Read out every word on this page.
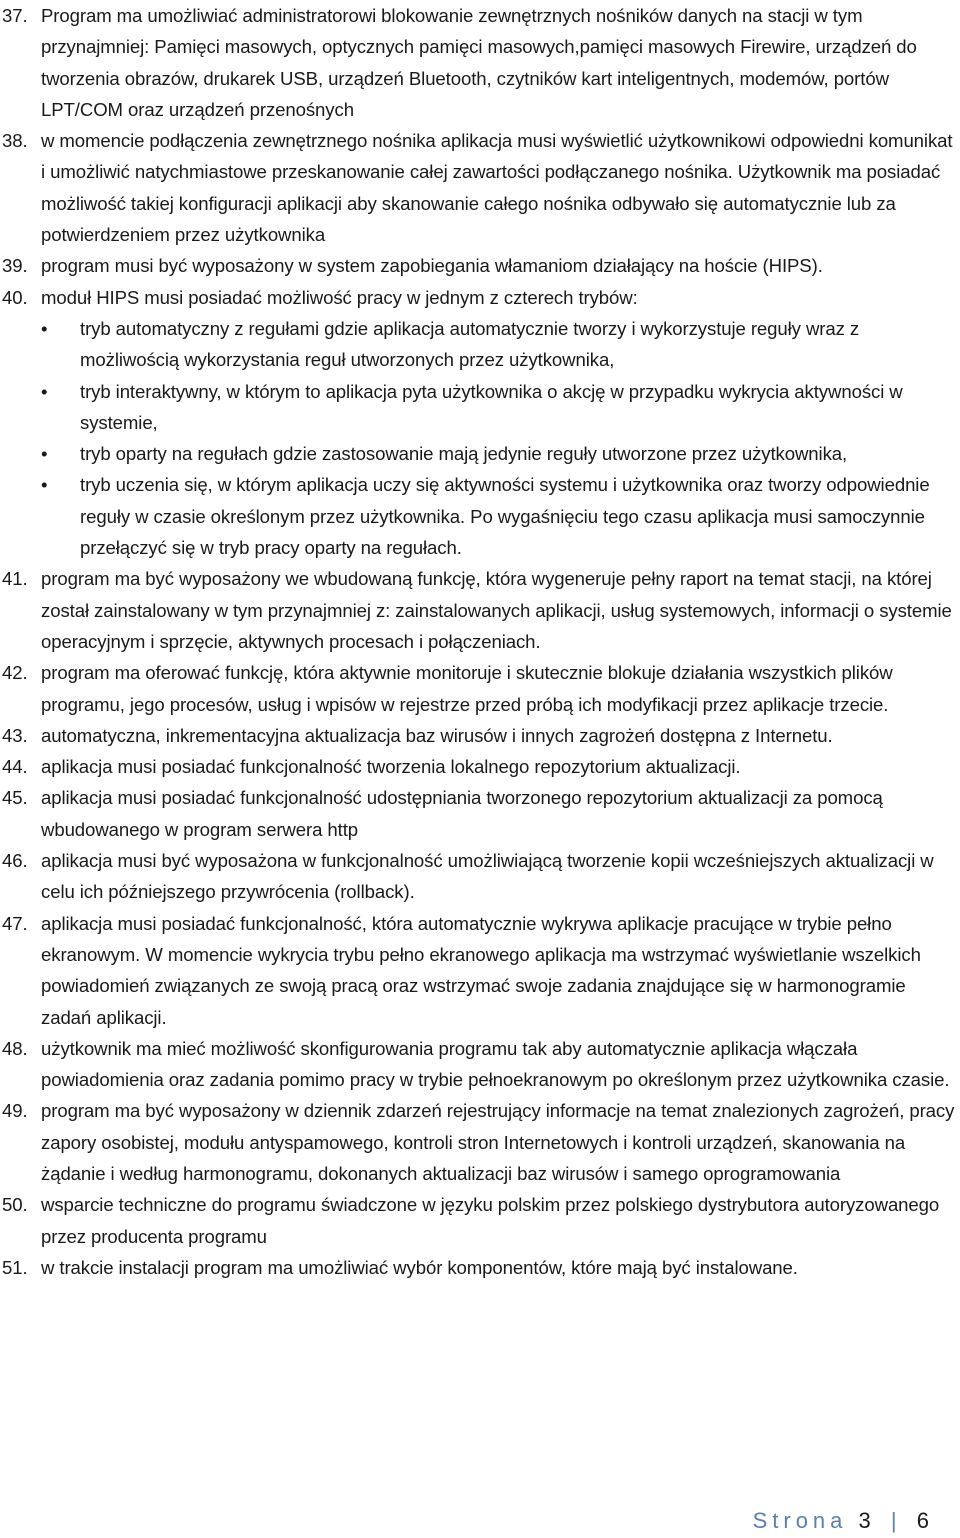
37. Program ma umożliwiać administratorowi blokowanie zewnętrznych nośników danych na stacji w tym przynajmniej: Pamięci masowych, optycznych pamięci masowych,pamięci masowych Firewire, urządzeń do tworzenia obrazów, drukarek USB, urządzeń Bluetooth, czytników kart inteligentnych, modemów, portów LPT/COM oraz urządzeń przenośnych
38. w momencie podłączenia zewnętrznego nośnika aplikacja musi wyświetlić użytkownikowi odpowiedni komunikat i umożliwić natychmiastowe przeskanowanie całej zawartości podłączanego nośnika. Użytkownik ma posiadać możliwość takiej konfiguracji aplikacji aby skanowanie całego nośnika odbywało się automatycznie lub za potwierdzeniem przez użytkownika
39. program musi być wyposażony w system zapobiegania włamaniom działający na hoście (HIPS).
40. moduł HIPS musi posiadać możliwość pracy w jednym z czterech trybów:
• tryb automatyczny z regułami gdzie aplikacja automatycznie tworzy i wykorzystuje reguły wraz z możliwością wykorzystania reguł utworzonych przez użytkownika,
• tryb interaktywny, w którym to aplikacja pyta użytkownika o akcję w przypadku wykrycia aktywności w systemie,
• tryb oparty na regułach gdzie zastosowanie mają jedynie reguły utworzone przez użytkownika,
• tryb uczenia się, w którym aplikacja uczy się aktywności systemu i użytkownika oraz tworzy odpowiednie reguły w czasie określonym przez użytkownika. Po wygaśnięciu tego czasu aplikacja musi samoczynnie przełączyć się w tryb pracy oparty na regułach.
41. program ma być wyposażony we wbudowaną funkcję, która wygeneruje pełny raport na temat stacji, na której został zainstalowany w tym przynajmniej z: zainstalowanych aplikacji, usług systemowych, informacji o systemie operacyjnym i sprzęcie, aktywnych procesach i połączeniach.
42. program ma oferować funkcję, która aktywnie monitoruje i skutecznie blokuje działania wszystkich plików programu, jego procesów, usług i wpisów w rejestrze przed próbą ich modyfikacji przez aplikacje trzecie.
43. automatyczna, inkrementacyjna aktualizacja baz wirusów i innych zagrożeń dostępna z Internetu.
44. aplikacja musi posiadać funkcjonalność tworzenia lokalnego repozytorium aktualizacji.
45. aplikacja musi posiadać funkcjonalność udostępniania tworzonego repozytorium aktualizacji za pomocą wbudowanego w program serwera http
46. aplikacja musi być wyposażona w funkcjonalność umożliwiającą tworzenie kopii wcześniejszych aktualizacji w celu ich późniejszego przywrócenia (rollback).
47. aplikacja musi posiadać funkcjonalność, która automatycznie wykrywa aplikacje pracujące w trybie pełno ekranowym. W momencie wykrycia trybu pełno ekranowego aplikacja ma wstrzymać wyświetlanie wszelkich powiadomień związanych ze swoją pracą oraz wstrzymać swoje zadania znajdujące się w harmonogramie zadań aplikacji.
48. użytkownik ma mieć możliwość skonfigurowania programu tak aby automatycznie aplikacja włączała powiadomienia oraz zadania pomimo pracy w trybie pełnoekranowym po określonym przez użytkownika czasie.
49. program ma być wyposażony w dziennik zdarzeń rejestrujący informacje na temat znalezionych zagrożeń, pracy zapory osobistej, modułu antyspamowego, kontroli stron Internetowych i kontroli urządzeń, skanowania na żądanie i według harmonogramu, dokonanych aktualizacji baz wirusów i samego oprogramowania
50. wsparcie techniczne do programu świadczone w języku polskim przez polskiego dystrybutora autoryzowanego przez producenta programu
51. w trakcie instalacji program ma umożliwiać wybór komponentów, które mają być instalowane.
Strona 3 | 6
